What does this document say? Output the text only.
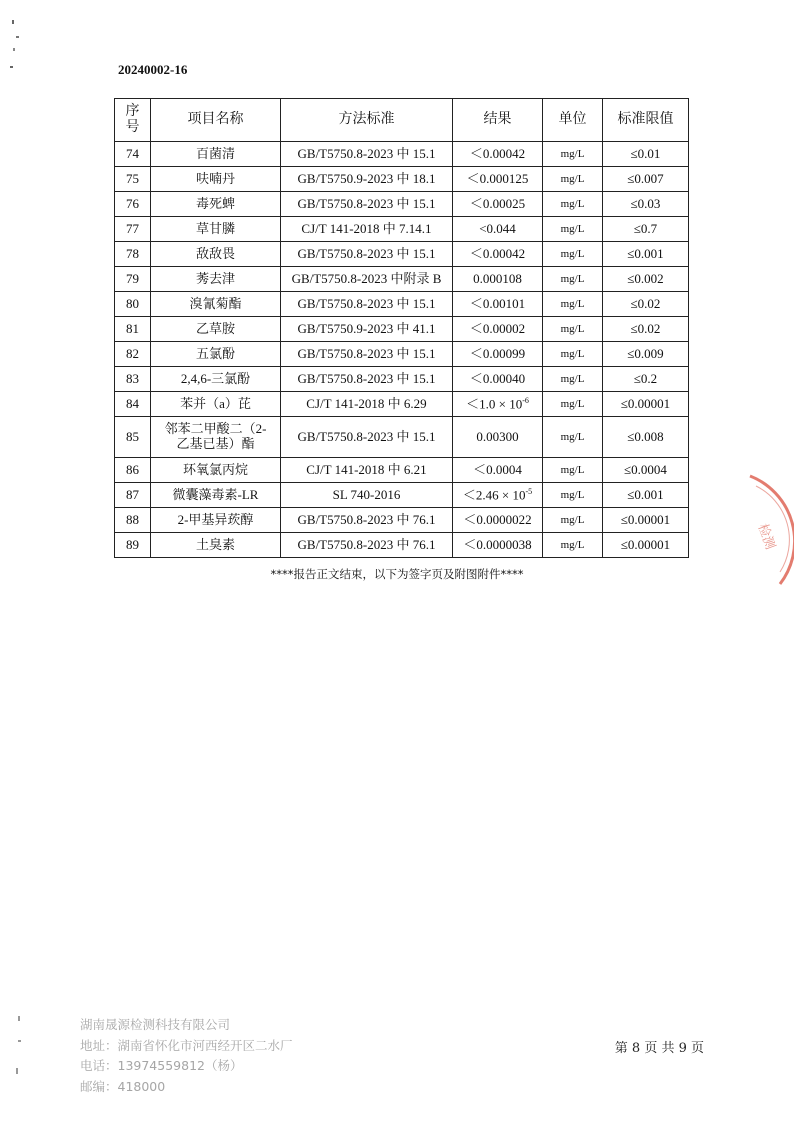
20240002-16
序号	项目名称	方法标准	结果	单位	标准限值
74	百菌清	GB/T5750.8-2023 中 15.1	＜0.00042	mg/L	≤0.01
75	呋喃丹	GB/T5750.9-2023 中 18.1	＜0.000125	mg/L	≤0.007
76	毒死蜱	GB/T5750.8-2023 中 15.1	＜0.00025	mg/L	≤0.03
77	草甘膦	CJ/T 141-2018 中 7.14.1	<0.044	mg/L	≤0.7
78	敌敌畏	GB/T5750.8-2023 中 15.1	＜0.00042	mg/L	≤0.001
79	莠去津	GB/T5750.8-2023 中附录 B	0.000108	mg/L	≤0.002
80	溴氰菊酯	GB/T5750.8-2023 中 15.1	＜0.00101	mg/L	≤0.02
81	乙草胺	GB/T5750.9-2023 中 41.1	＜0.00002	mg/L	≤0.02
82	五氯酚	GB/T5750.8-2023 中 15.1	＜0.00099	mg/L	≤0.009
83	2,4,6-三氯酚	GB/T5750.8-2023 中 15.1	＜0.00040	mg/L	≤0.2
84	苯并（a）芘	CJ/T 141-2018 中 6.29	$<1.0 \times 10^{-6}$	mg/L	≤0.00001
85	邻苯二甲酸二（2-
乙基已基）酯	GB/T5750.8-2023 中 15.1	0.00300	mg/L	≤0.008
86	环氧氯丙烷	CJ/T 141-2018 中 6.21	＜0.0004	mg/L	≤0.0004
87	微囊藻毒素-LR	SL 740-2016	$<2.46 \times 10^{-5}$	mg/L	≤0.001
88	2-甲基异莰醇	GB/T5750.8-2023 中 76.1	＜0.0000022	mg/L	≤0.00001
89	土臭素	GB/T5750.8-2023 中 76.1	＜0.0000038	mg/L	≤0.00001
****报告正文结束，以下为签字页及附图附件****
检测
湖南晟源检测科技有限公司
地址：湖南省怀化市河西经开区二水厂
电话：13974559812（杨）
邮编：418000
第 8 页 共 9 页
